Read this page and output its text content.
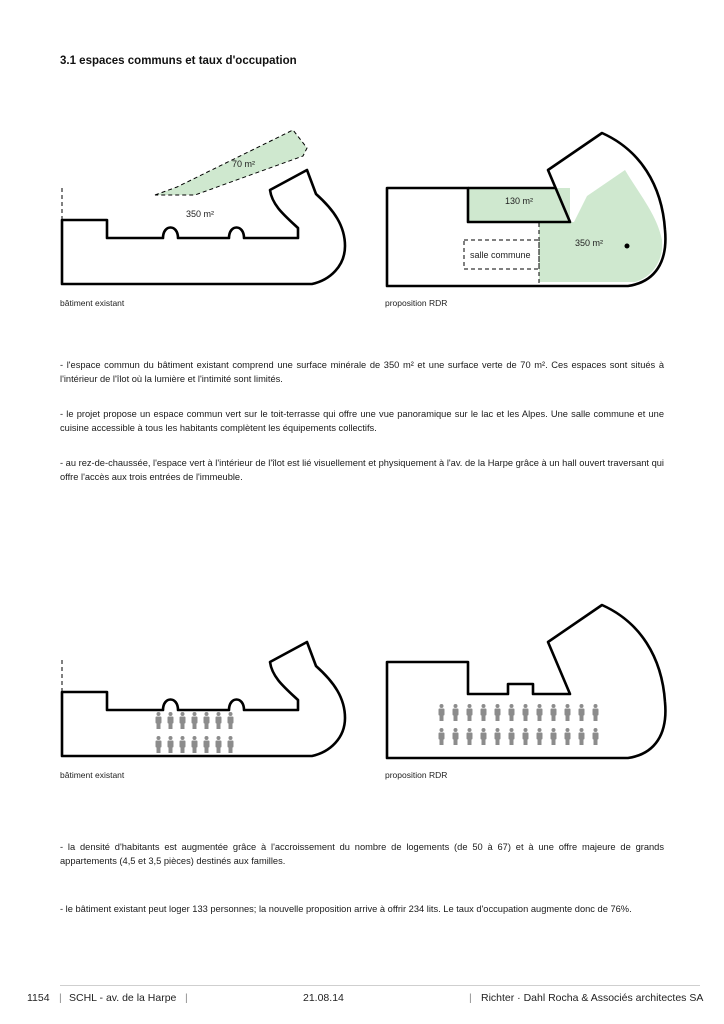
3.1 espaces communs et taux d'occupation
70 m²
350 m²
130 m²
350 m²
salle commune
bâtiment existant	proposition RDR
- l'espace commun du bâtiment existant comprend une surface minérale de 350 m² et une surface verte de 70 m². Ces espaces sont situés à l'intérieur de l'îlot où la lumière et l'intimité sont limités.
- le projet propose un espace commun vert sur le toit-terrasse qui offre une vue panoramique sur le lac et les Alpes. Une salle commune et une cuisine accessible à tous les habitants complètent les équipements collectifs.
- au rez-de-chaussée, l'espace vert à l'intérieur de l'îlot est lié visuellement et physiquement à l'av. de la Harpe grâce à un hall ouvert traversant qui offre l'accès aux trois entrées de l'immeuble.
bâtiment existant	proposition RDR
- la densité d'habitants est augmentée grâce à l'accroissement du nombre de logements (de 50 à 67) et à une offre majeure de grands appartements (4,5 et 3,5 pièces) destinés aux familles.
- le bâtiment existant peut loger 133 personnes; la nouvelle proposition arrive à offrir 234 lits. Le taux d'occupation augmente donc de 76%.
1154 | SCHL - av. de la Harpe |	21.08.14	| Richter · Dahl Rocha & Associés architectes SA
